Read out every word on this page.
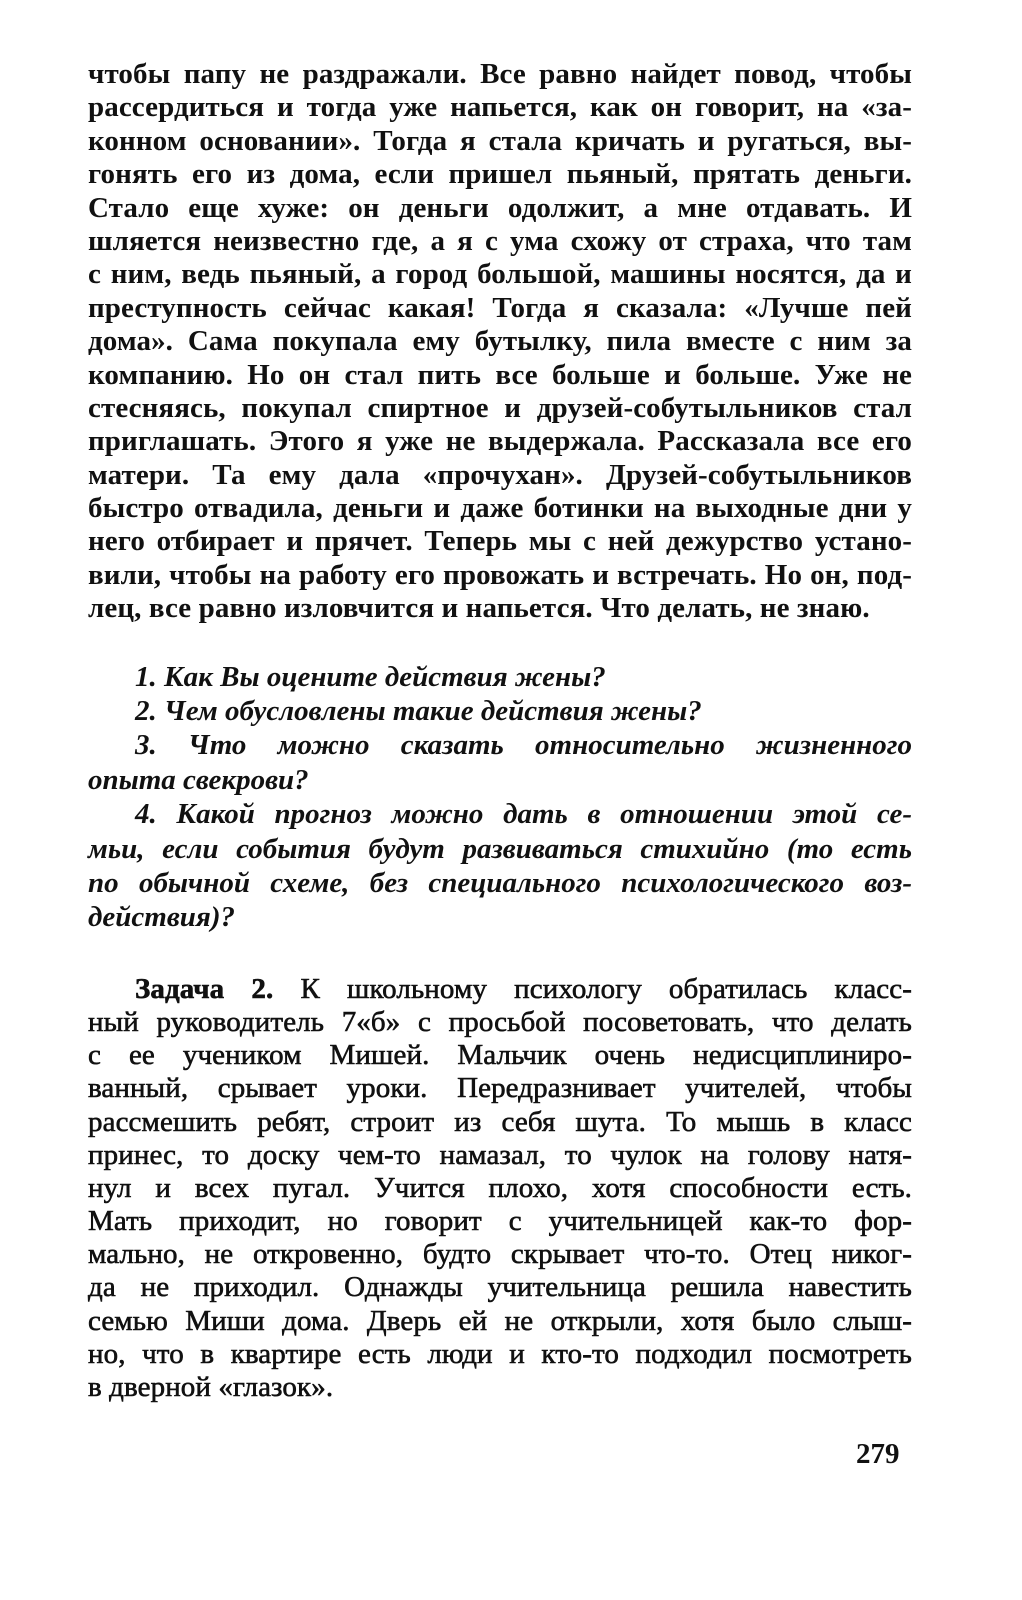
чтобы папу не раздражали. Все равно найдет повод, чтобы
рассердиться и тогда уже напьется, как он говорит, на «за-
конном основании». Тогда я стала кричать и ругаться, вы-
гонять его из дома, если пришел пьяный, прятать деньги.
Стало еще хуже: он деньги одолжит, а мне отдавать. И
шляется неизвестно где, а я с ума схожу от страха, что там
с ним, ведь пьяный, а город большой, машины носятся, да и
преступность сейчас какая! Тогда я сказала: «Лучше пей
дома». Сама покупала ему бутылку, пила вместе с ним за
компанию. Но он стал пить все больше и больше. Уже не
стесняясь, покупал спиртное и друзей-собутыльников стал
приглашать. Этого я уже не выдержала. Рассказала все его
матери. Та ему дала «прочухан». Друзей-собутыльников
быстро отвадила, деньги и даже ботинки на выходные дни у
него отбирает и прячет. Теперь мы с ней дежурство устано-
вили, чтобы на работу его провожать и встречать. Но он, под-
лец, все равно изловчится и напьется. Что делать, не знаю.
1. Как Вы оцените действия жены?
2. Чем обусловлены такие действия жены?
3. Что можно сказать относительно жизненного
опыта свекрови?
4. Какой прогноз можно дать в отношении этой се-
мьи, если события будут развиваться стихийно (то есть
по обычной схеме, без специального психологического воз-
действия)?
Задача 2. К школьному психологу обратилась класс-
ный руководитель 7«б» с просьбой посоветовать, что делать
с ее учеником Мишей. Мальчик очень недисциплиниро-
ванный, срывает уроки. Передразнивает учителей, чтобы
рассмешить ребят, строит из себя шута. То мышь в класс
принес, то доску чем-то намазал, то чулок на голову натя-
нул и всех пугал. Учится плохо, хотя способности есть.
Мать приходит, но говорит с учительницей как-то фор-
мально, не откровенно, будто скрывает что-то. Отец никог-
да не приходил. Однажды учительница решила навестить
семью Миши дома. Дверь ей не открыли, хотя было слыш-
но, что в квартире есть люди и кто-то подходил посмотреть
в дверной «глазок».
279
